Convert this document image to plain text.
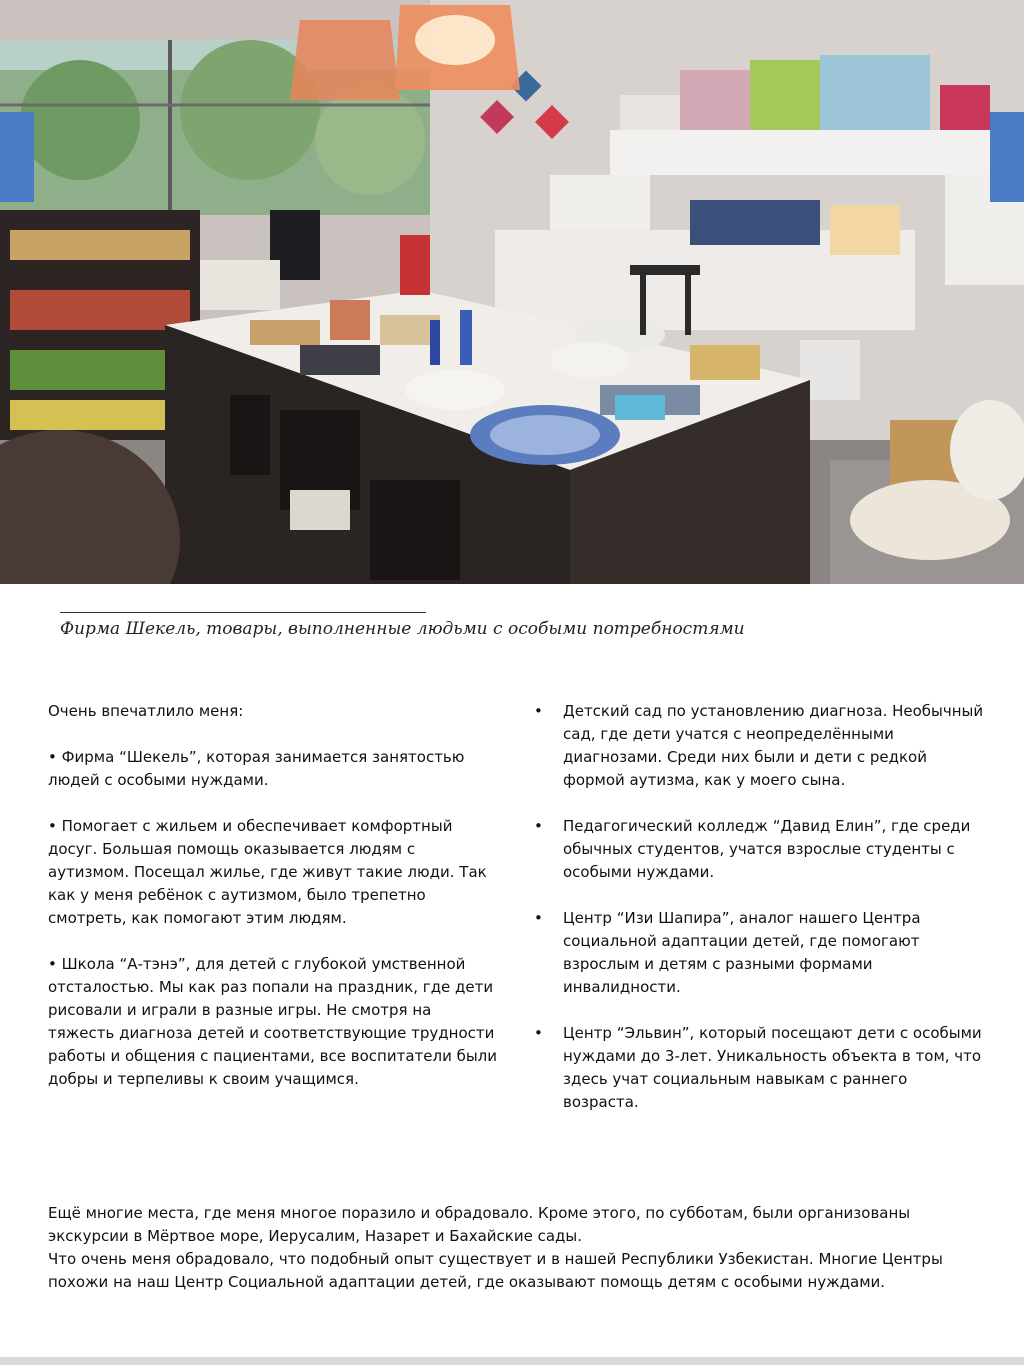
Фирма Шекель, товары, выполненные людьми с особыми потребностями

Очень впечатлило меня:

• Фирма “Шекель”, которая занимается занятостью людей с особыми нуждами.

• Помогает с жильем и обеспечивает комфортный досуг. Большая помощь оказывается людям с аутизмом. Посещал жилье, где живут такие люди. Так как у меня ребёнок с аутизмом, было трепетно смотреть, как помогают этим людям.

• Школа “А-тэнэ”, для детей с глубокой умственной отсталостью. Мы как раз попали на праздник, где дети рисовали и играли в разные игры. Не смотря на тяжесть диагноза детей и соответствующие трудности работы и общения с пациентами, все воспитатели были добры и терпеливы к своим учащимся.

• Детский сад по установлению диагноза. Необычный сад, где дети учатся с неопределёнными диагнозами. Среди них были и дети с редкой формой аутизма, как у моего сына.
• Педагогический колледж “Давид Елин”, где среди обычных студентов, учатся взрослые студенты с особыми нуждами.
• Центр “Изи Шапира”, аналог нашего Центра социальной адаптации детей, где помогают взрослым и детям с разными формами инвалидности.
• Центр “Эльвин”, который посещают дети с особыми нуждами до 3-лет. Уникальность объекта в том, что здесь учат социальным навыкам с раннего возраста.

Ещё многие места, где меня многое поразило и обрадовало. Кроме этого, по субботам, были организованы экскурсии в Мёртвое море, Иерусалим, Назарет и Бахайские сады.

Что очень меня обрадовало, что подобный опыт существует и в нашей Республики Узбекистан. Многие Центры похожи на наш Центр Социальной адаптации детей, где оказывают помощь детям с особыми нуждами.
